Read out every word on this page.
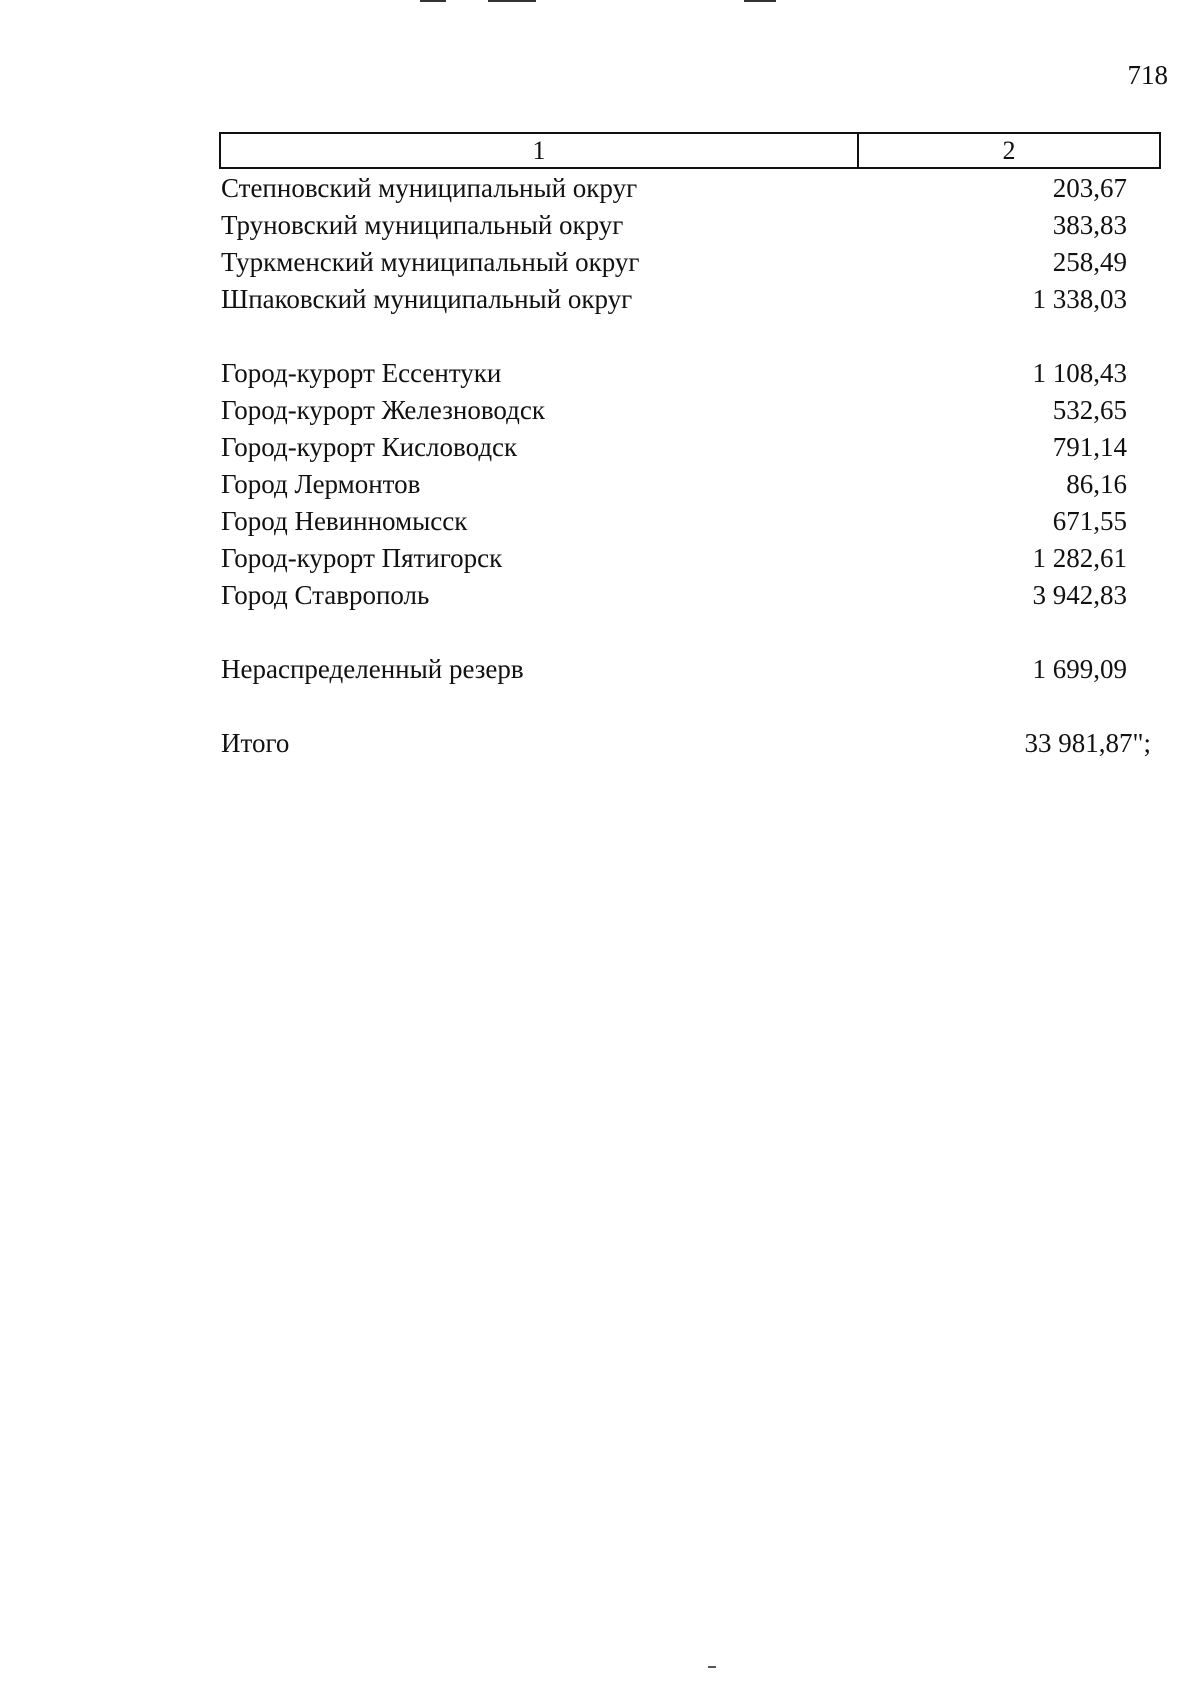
718
1	2
Степновский муниципальный округ	203,67
Труновский муниципальный округ	383,83
Туркменский муниципальный округ	258,49
Шпаковский муниципальный округ	1 338,03
Город-курорт Ессентуки	1 108,43
Город-курорт Железноводск	532,65
Город-курорт Кисловодск	791,14
Город Лермонтов	86,16
Город Невинномысск	671,55
Город-курорт Пятигорск	1 282,61
Город Ставрополь	3 942,83
Нераспределенный резерв	1 699,09
Итого	33 981,87";
